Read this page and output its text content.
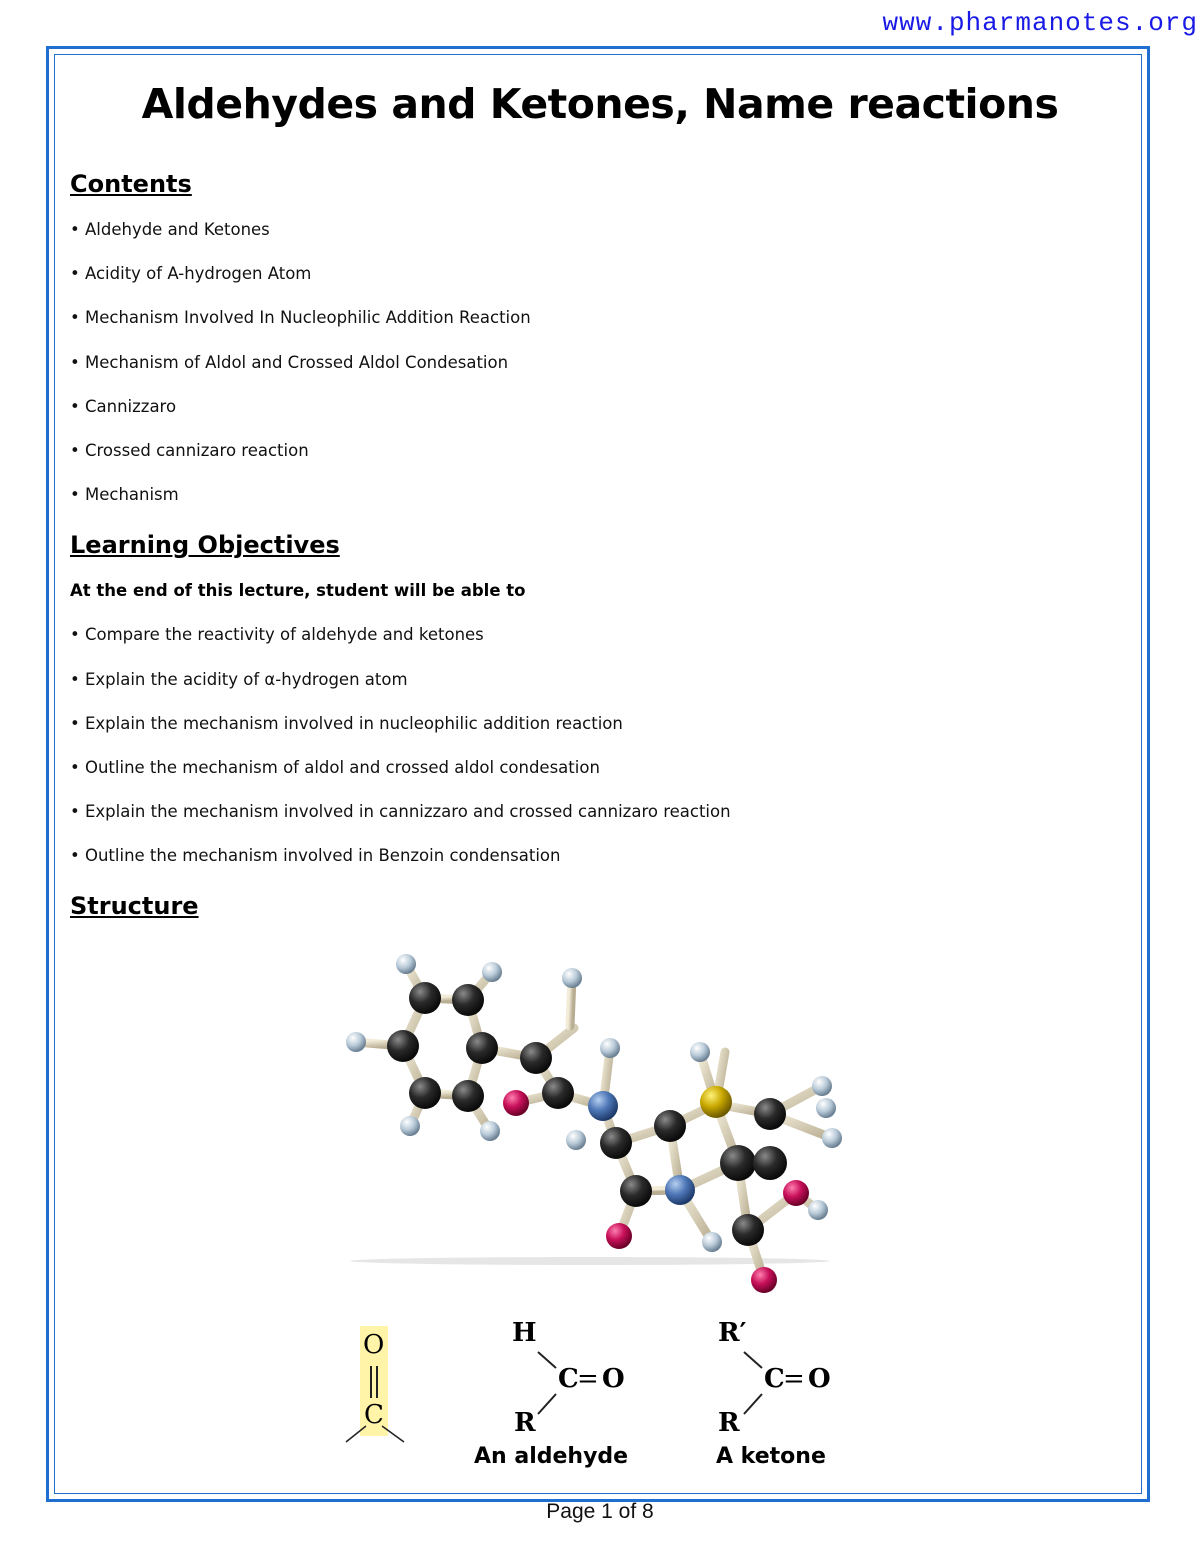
www.pharmanotes.org
Aldehydes and Ketones, Name reactions
Contents
• Aldehyde and Ketones
• Acidity of A-hydrogen Atom
• Mechanism Involved In Nucleophilic Addition Reaction
• Mechanism of Aldol and Crossed Aldol Condesation
• Cannizzaro
• Crossed cannizaro reaction
• Mechanism
Learning Objectives
At the end of this lecture, student will be able to
• Compare the reactivity of aldehyde and ketones
• Explain the acidity of α-hydrogen atom
• Explain the mechanism involved in nucleophilic addition reaction
• Outline the mechanism of aldol and crossed aldol condesation
• Explain the mechanism involved in cannizzaro and crossed cannizaro reaction
• Outline the mechanism involved in Benzoin condensation
Structure
O
C
H
C
= O
R
An aldehyde
R′
C
= O
R
A ketone
Page 1 of 8
